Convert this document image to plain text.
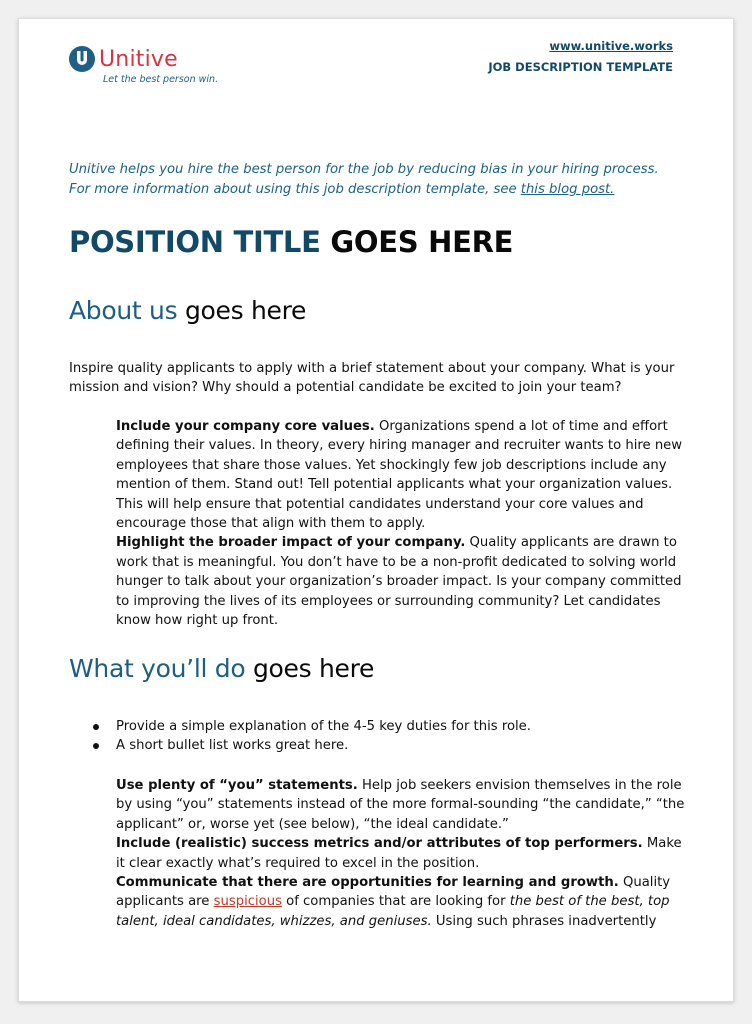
Unitive
Let the best person win.
www.unitive.works
JOB DESCRIPTION TEMPLATE
Unitive helps you hire the best person for the job by reducing bias in your hiring process.
For more information about using this job description template, see this blog post.
POSITION TITLE GOES HERE
About us goes here

Inspire quality applicants to apply with a brief statement about your company. What is your mission and vision? Why should a potential candidate be excited to join your team?

Include your company core values. Organizations spend a lot of time and effort defining their values. In theory, every hiring manager and recruiter wants to hire new employees that share those values. Yet shockingly few job descriptions include any mention of them. Stand out! Tell potential applicants what your organization values. This will help ensure that potential candidates understand your core values and encourage those that align with them to apply.

Highlight the broader impact of your company. Quality applicants are drawn to work that is meaningful. You don’t have to be a non-profit dedicated to solving world hunger to talk about your organization’s broader impact. Is your company committed to improving the lives of its employees or surrounding community? Let candidates know how right up front.

What you’ll do goes here
Provide a simple explanation of the 4-5 key duties for this role.
A short bullet list works great here.

Use plenty of “you” statements. Help job seekers envision themselves in the role by using “you” statements instead of the more formal-sounding “the candidate,” “the applicant” or, worse yet (see below), “the ideal candidate.”

Include (realistic) success metrics and/or attributes of top performers. Make it clear exactly what’s required to excel in the position.

Communicate that there are opportunities for learning and growth. Quality applicants are suspicious of companies that are looking for the best of the best, top talent, ideal candidates, whizzes, and geniuses. Using such phrases inadvertently
